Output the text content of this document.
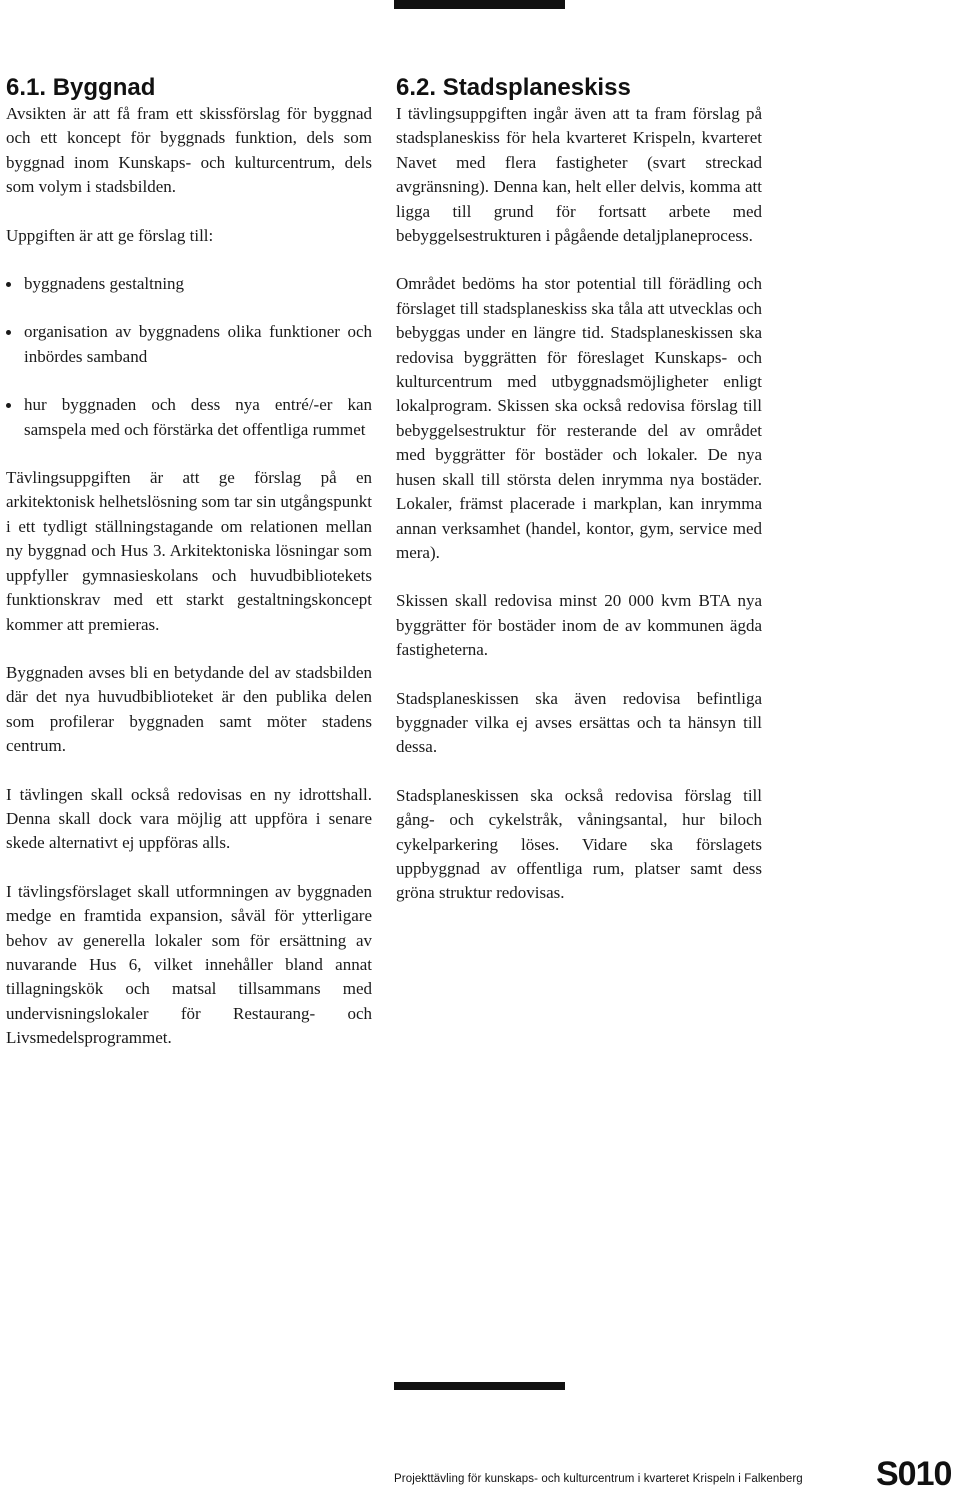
6.1. Byggnad

Avsikten är att få fram ett skissförslag för byggnad och ett koncept för byggnads funktion, dels som byggnad inom Kunskaps- och kulturcentrum, dels som volym i stadsbilden.

Uppgiften är att ge förslag till:

byggnadens gestaltning
organisation av byggnadens olika funktioner och inbördes samband
hur byggnaden och dess nya entré/-er kan samspela med och förstärka det offentliga rummet

Tävlingsuppgiften är att ge förslag på en arkitektonisk helhetslösning som tar sin utgångspunkt i ett tydligt ställningstagande om relationen mellan ny byggnad och Hus 3. Arkitektoniska lösningar som uppfyller gymnasieskolans och huvudbibliotekets funktionskrav med ett starkt gestaltningskoncept kommer att premieras.

Byggnaden avses bli en betydande del av stadsbilden där det nya huvudbiblioteket är den publika delen som profilerar byggnaden samt möter stadens centrum.

I tävlingen skall också redovisas en ny idrottshall. Denna skall dock vara möjlig att uppföra i senare skede alternativt ej uppföras alls.

I tävlingsförslaget skall utformningen av byggnaden medge en framtida expansion, såväl för ytterligare behov av generella lokaler som för ersättning av nuvarande Hus 6, vilket innehåller bland annat tillagningskök och matsal tillsammans med undervisningslokaler för Restaurang- och Livsmedelsprogrammet.

6.2. Stadsplaneskiss

I tävlingsuppgiften ingår även att ta fram förslag på stadsplaneskiss för hela kvarteret Krispeln, kvarteret Navet med flera fastigheter (svart streckad avgränsning). Denna kan, helt eller delvis, komma att ligga till grund för fortsatt arbete med bebyggelsestrukturen i pågående detaljplaneprocess.

Området bedöms ha stor potential till förädling och förslaget till stadsplaneskiss ska tåla att utvecklas och bebyggas under en längre tid. Stadsplaneskissen ska redovisa byggrätten för föreslaget Kunskaps- och kulturcentrum med utbyggnadsmöjligheter enligt lokalprogram. Skissen ska också redovisa förslag till bebyggelsestruktur för resterande del av området med byggrätter för bostäder och lokaler. De nya husen skall till största delen inrymma nya bostäder. Lokaler, främst placerade i markplan, kan inrymma annan verksamhet (handel, kontor, gym, service med mera).

Skissen skall redovisa minst 20 000 kvm BTA nya byggrätter för bostäder inom de av kommunen ägda fastigheterna.

Stadsplaneskissen ska även redovisa befintliga byggnader vilka ej avses ersättas och ta hänsyn till dessa.

Stadsplaneskissen ska också redovisa förslag till gång- och cykelstråk, våningsantal, hur biloch cykelparkering löses. Vidare ska förslagets uppbyggnad av offentliga rum, platser samt dess gröna struktur redovisas.

Projekttävling för kunskaps- och kulturcentrum i kvarteret Krispeln i Falkenberg S010
